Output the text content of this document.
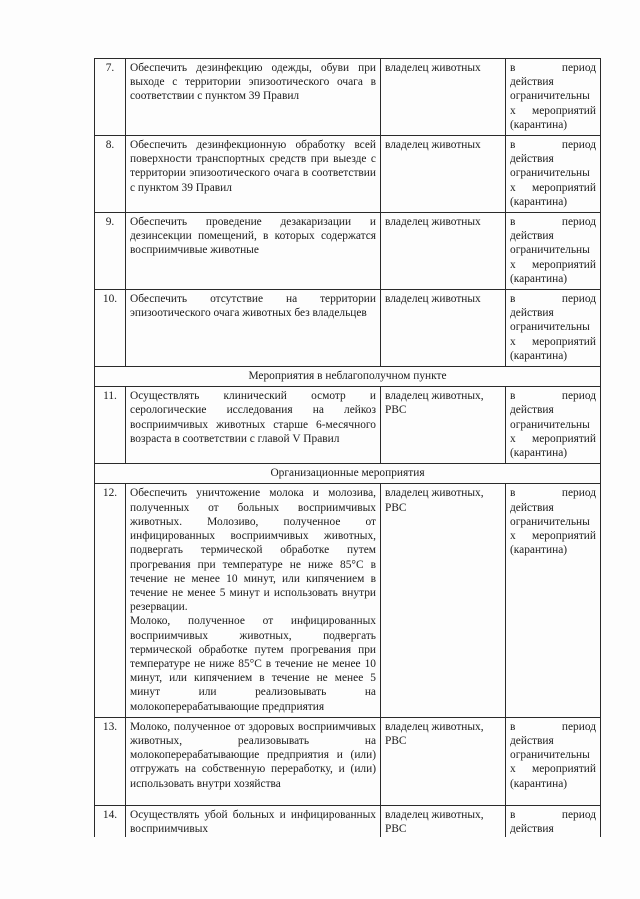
7.	Обеспечить дезинфекцию одежды, обуви при выходе с территории эпизоотического очага в соответствии с пунктом 39 Правил	владелец животных	в период действия ограничительны х мероприятий (карантина)
8.	Обеспечить дезинфекционную обработку всей поверхности транспортных средств при выезде с территории эпизоотического очага в соответствии с пунктом 39 Правил	владелец животных	в период действия ограничительны х мероприятий (карантина)
9.	Обеспечить проведение дезакаризации и дезинсекции помещений, в которых содержатся восприимчивые животные	владелец животных	в период действия ограничительны х мероприятий (карантина)
10.	Обеспечить отсутствие на территории эпизоотического очага животных без владельцев	владелец животных	в период действия ограничительны х мероприятий (карантина)
Мероприятия в неблагополучном пункте			
11.	Осуществлять клинический осмотр и серологические исследования на лейкоз восприимчивых животных старше 6-месячного возраста в соответствии с главой V Правил	владелец животных, РВС	в период действия ограничительны х мероприятий (карантина)
Организационные мероприятия			
12.	Обеспечить уничтожение молока и молозива, полученных от больных восприимчивых животных. Молозиво, полученное от инфицированных восприимчивых животных, подвергать термической обработке путем прогревания при температуре не ниже 85°С в течение не менее 10 минут, или кипячением в течение не менее 5 минут и использовать внутри резервации.
Молоко, полученное от инфицированных восприимчивых животных, подвергать термической обработке путем прогревания при температуре не ниже 85°С в течение не менее 10 минут, или кипячением в течение не менее 5 минут или реализовывать на молокоперерабатывающие предприятия	владелец животных, РВС	в период действия ограничительны х мероприятий (карантина)
13.	Молоко, полученное от здоровых восприимчивых животных, реализовывать на молокоперерабатывающие предприятия и (или) отгружать на собственную переработку, и (или) использовать внутри хозяйства	владелец животных, РВС	в период действия ограничительны х мероприятий (карантина)
14.	Осуществлять убой больных и инфицированных восприимчивых	владелец животных, РВС	в период действия
